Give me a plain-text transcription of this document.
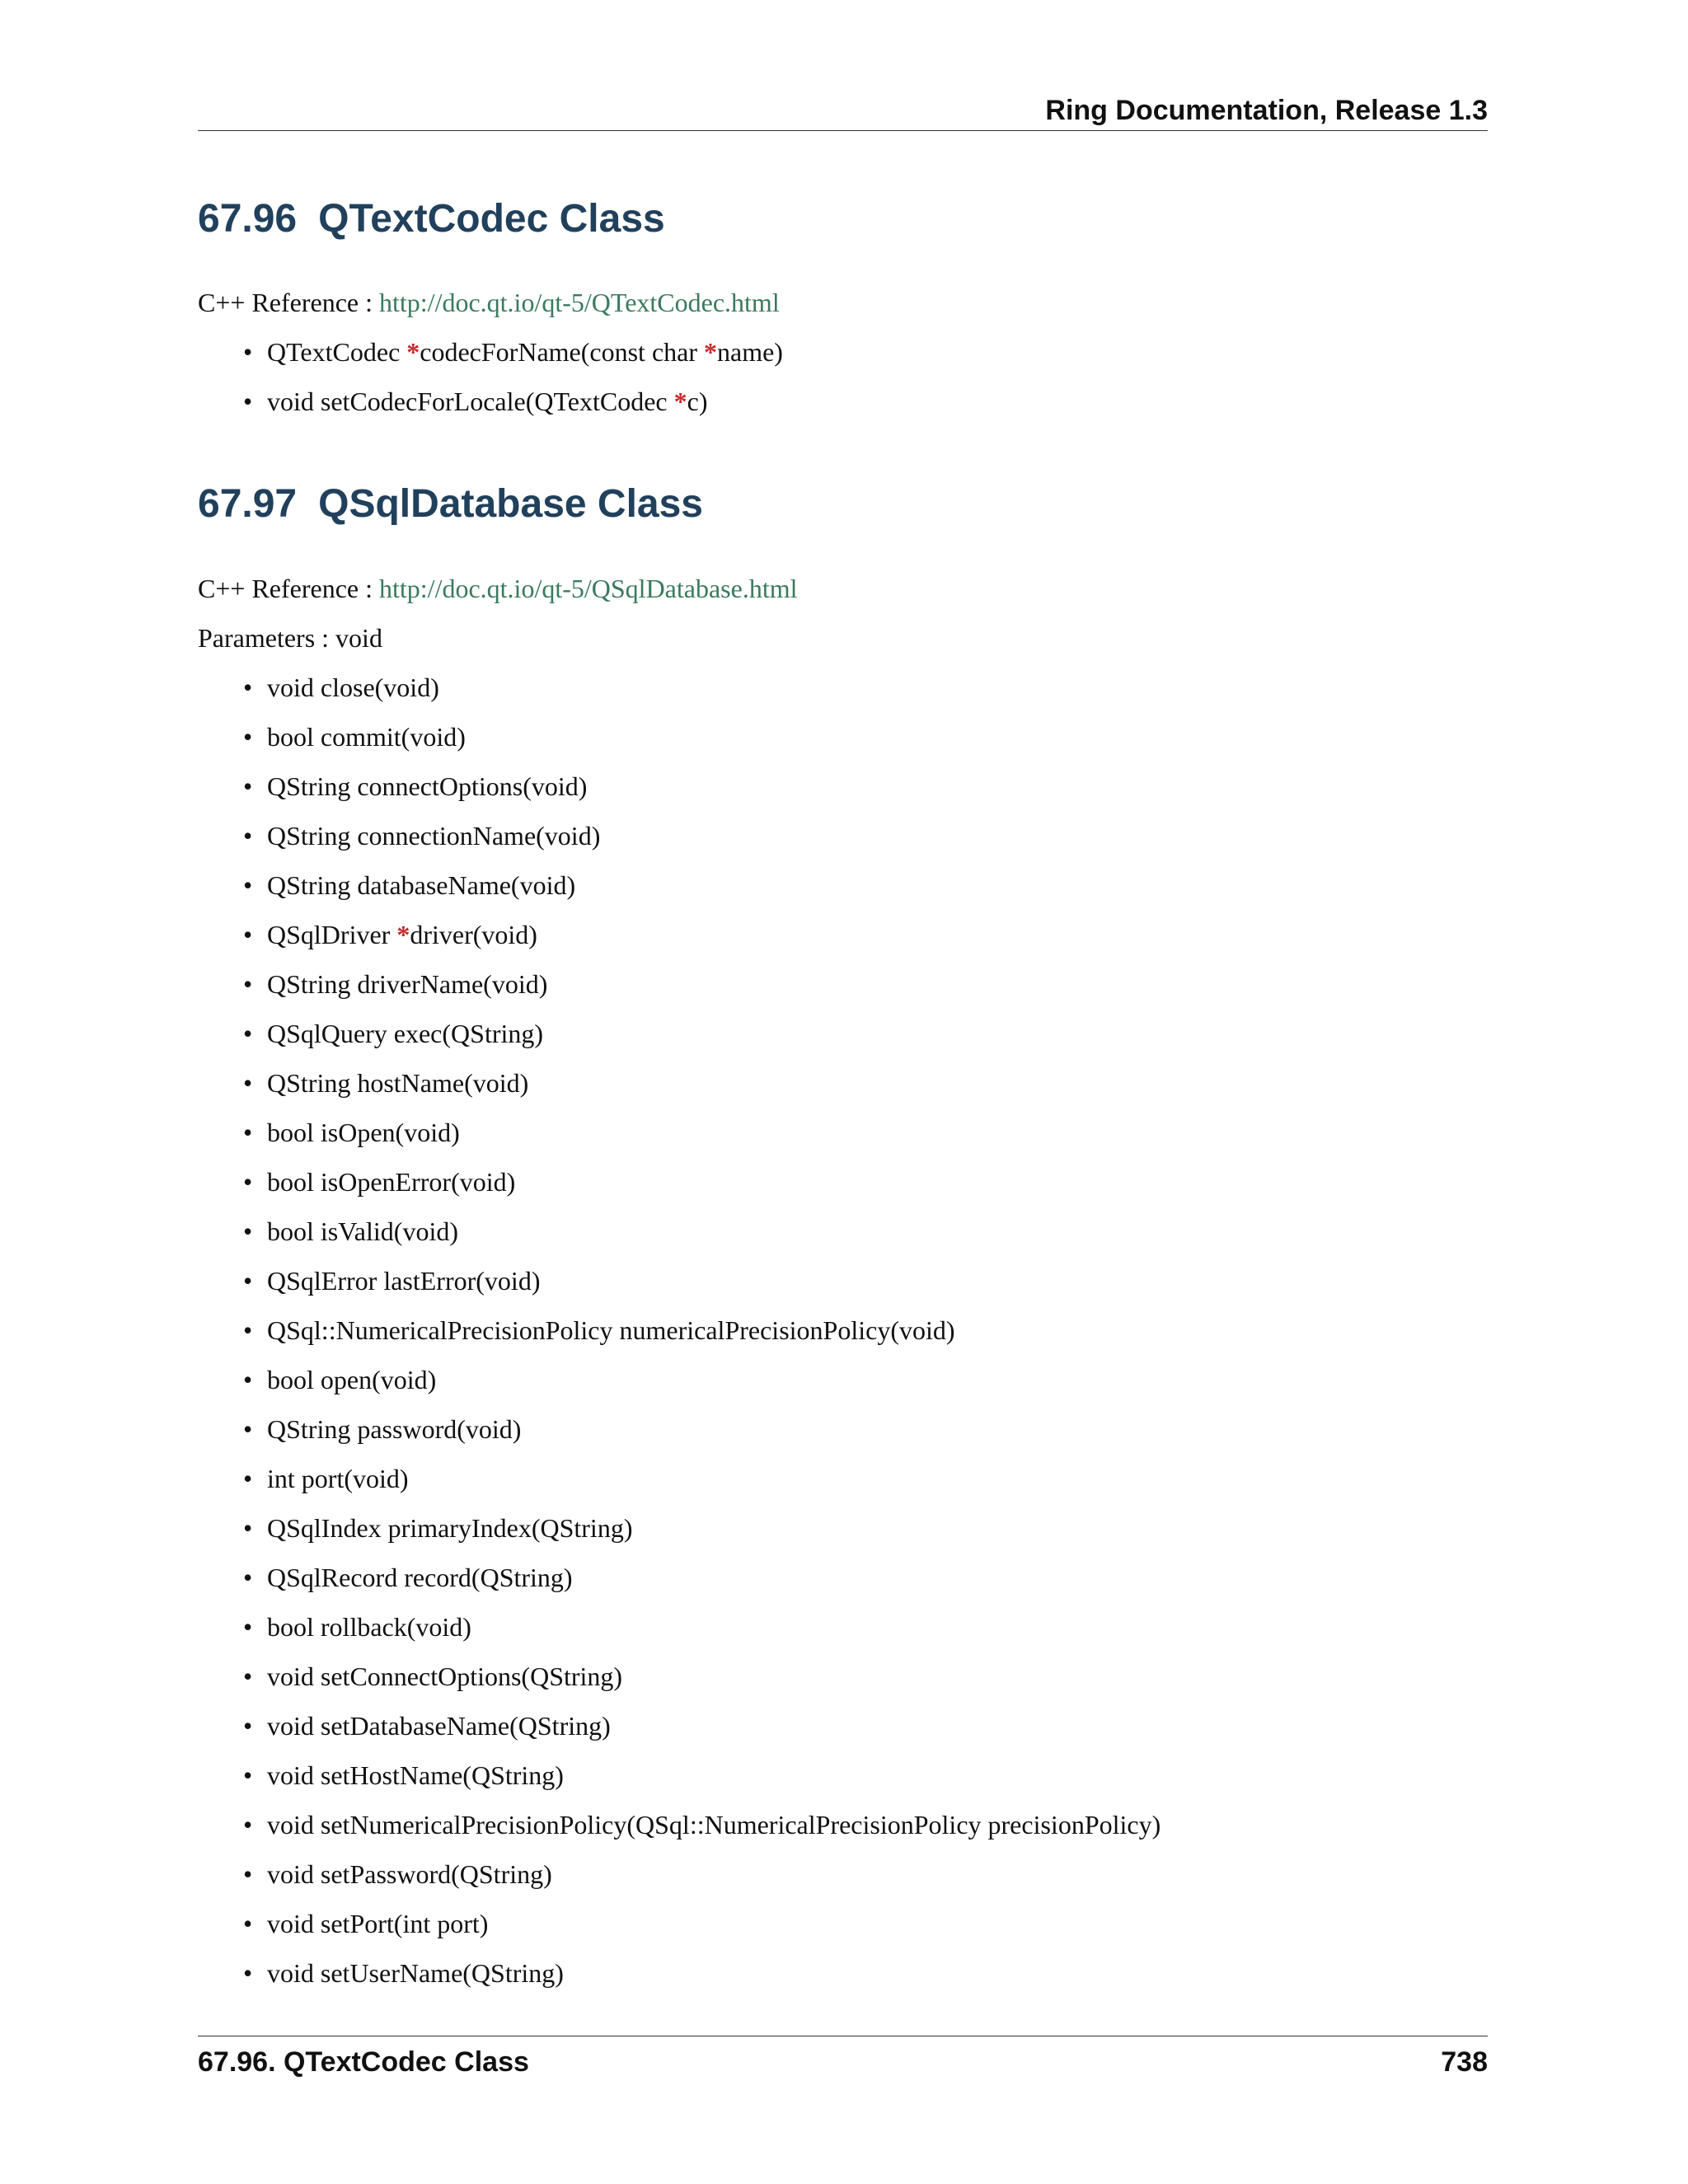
Ring Documentation, Release 1.3
67.96 QTextCodec Class
C++ Reference : http://doc.qt.io/qt-5/QTextCodec.html
• QTextCodec *codecForName(const char *name)
• void setCodecForLocale(QTextCodec *c)
67.97 QSqlDatabase Class
C++ Reference : http://doc.qt.io/qt-5/QSqlDatabase.html
Parameters : void
• void close(void)
• bool commit(void)
• QString connectOptions(void)
• QString connectionName(void)
• QString databaseName(void)
• QSqlDriver *driver(void)
• QString driverName(void)
• QSqlQuery exec(QString)
• QString hostName(void)
• bool isOpen(void)
• bool isOpenError(void)
• bool isValid(void)
• QSqlError lastError(void)
• QSql::NumericalPrecisionPolicy numericalPrecisionPolicy(void)
• bool open(void)
• QString password(void)
• int port(void)
• QSqlIndex primaryIndex(QString)
• QSqlRecord record(QString)
• bool rollback(void)
• void setConnectOptions(QString)
• void setDatabaseName(QString)
• void setHostName(QString)
• void setNumericalPrecisionPolicy(QSql::NumericalPrecisionPolicy precisionPolicy)
• void setPassword(QString)
• void setPort(int port)
• void setUserName(QString)
67.96. QTextCodec Class	738
